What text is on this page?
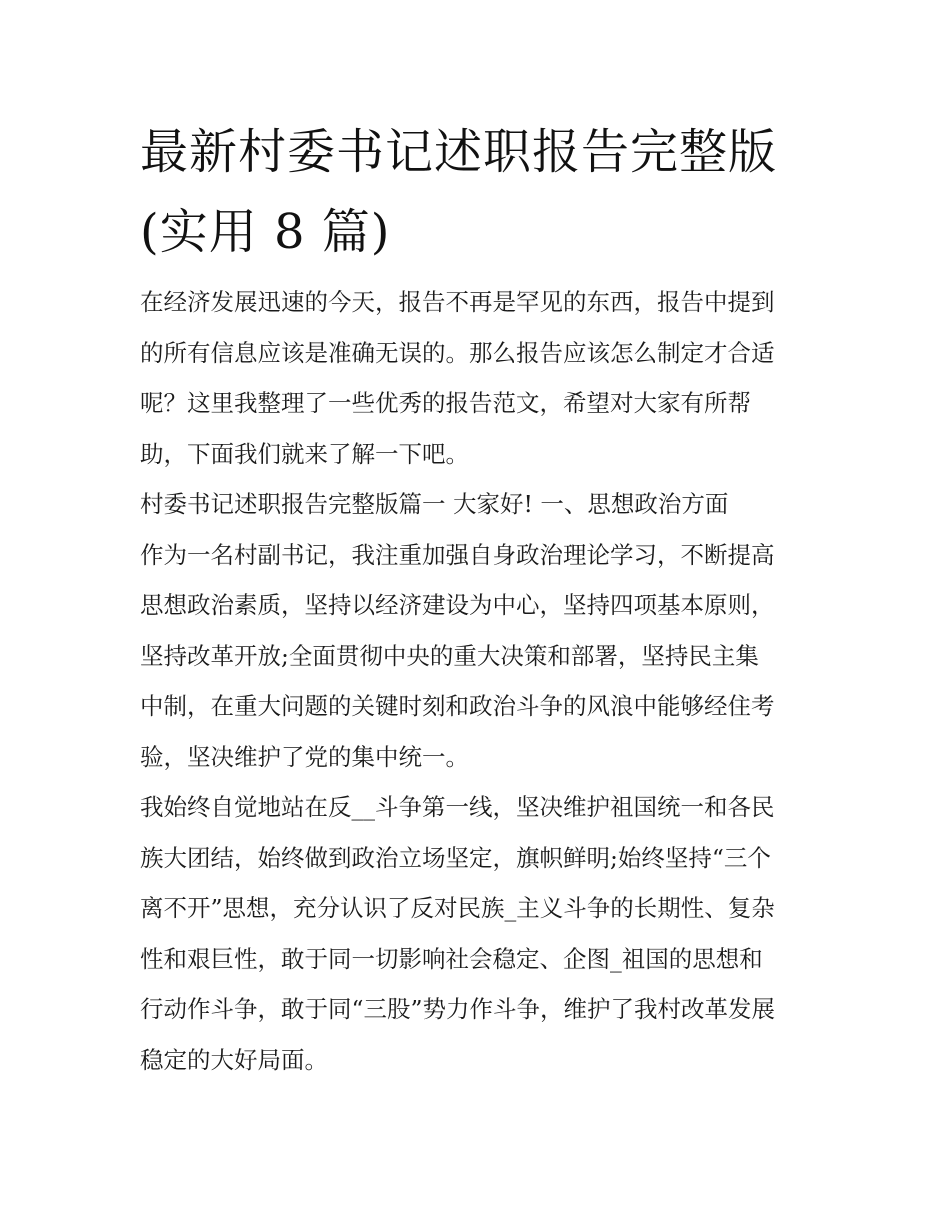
最新村委书记述职报告完整版
(实用 8 篇)
在经济发展迅速的今天，报告不再是罕见的东西，报告中提到
的所有信息应该是准确无误的。那么报告应该怎么制定才合适
呢？这里我整理了一些优秀的报告范文，希望对大家有所帮
助，下面我们就来了解一下吧。
村委书记述职报告完整版篇一 大家好! 一、思想政治方面
作为一名村副书记，我注重加强自身政治理论学习，不断提高
思想政治素质，坚持以经济建设为中心，坚持四项基本原则，
坚持改革开放;全面贯彻中央的重大决策和部署，坚持民主集
中制，在重大问题的关键时刻和政治斗争的风浪中能够经住考
验，坚决维护了党的集中统一。
我始终自觉地站在反__斗争第一线，坚决维护祖国统一和各民
族大团结，始终做到政治立场坚定，旗帜鲜明;始终坚持“三个
离不开”思想，充分认识了反对民族_主义斗争的长期性、复杂
性和艰巨性，敢于同一切影响社会稳定、企图_祖国的思想和
行动作斗争，敢于同“三股”势力作斗争，维护了我村改革发展
稳定的大好局面。
